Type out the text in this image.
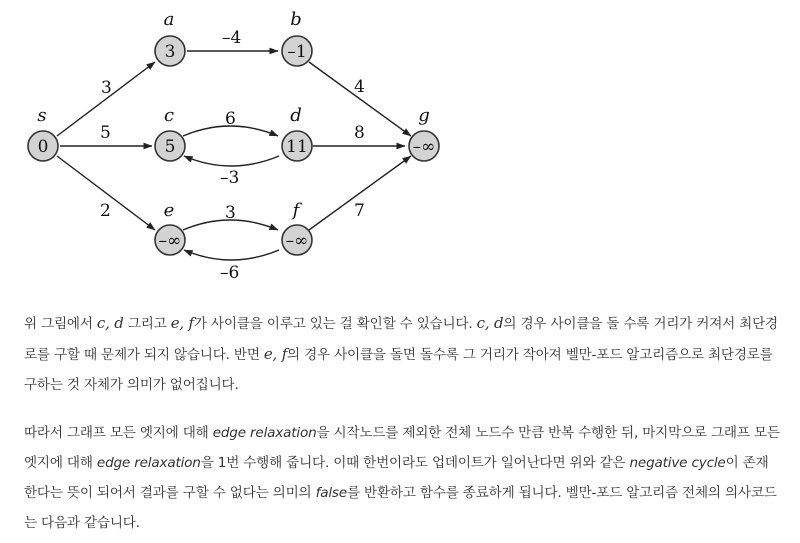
3
5
2
–4
4
6
–3
8
3
–6
7
0
s
3
a
–1
b
5
c
11
d
–∞
e
–∞
f
–∞
g

위 그림에서 c, d 그리고 e, f가 사이클을 이루고 있는 걸 확인할 수 있습니다. c, d의 경우 사이클을 돌 수록 거리가 커져서 최단경로를 구할 때 문제가 되지 않습니다. 반면 e, f의 경우 사이클을 돌면 돌수록 그 거리가 작아져 벨만-포드 알고리즘으로 최단경로를 구하는 것 자체가 의미가 없어집니다.

따라서 그래프 모든 엣지에 대해 edge relaxation을 시작노드를 제외한 전체 노드수 만큼 반복 수행한 뒤, 마지막으로 그래프 모든 엣지에 대해 edge relaxation을 1번 수행해 줍니다. 이때 한번이라도 업데이트가 일어난다면 위와 같은 negative cycle이 존재한다는 뜻이 되어서 결과를 구할 수 없다는 의미의 false를 반환하고 함수를 종료하게 됩니다. 벨만-포드 알고리즘 전체의 의사코드는 다음과 같습니다.
